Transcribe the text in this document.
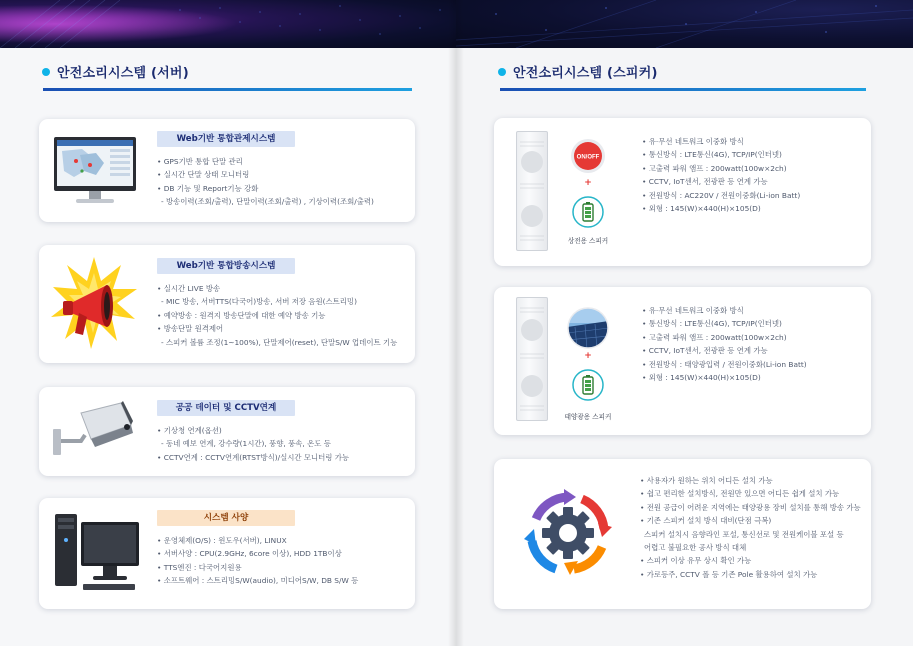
안전소리시스템 (서버)
Web기반 통합관제시스템
• GPS기반 통합 단말 관리
• 실시간 단말 상태 모니터링
• DB 기능 및 Report기능 강화
- 방송이력(조회/출력), 단말이력(조회/출력) , 기상이력(조회/출력)
Web기반 통합방송시스템
• 실시간 LIVE 방송
- MIC 방송, 서버TTS(다국어)방송, 서버 저장 음원(스트리밍)
• 예약방송 : 원격지 방송단말에 대한 예약 방송 기능
• 방송단말 원격제어
- 스피커 볼륨 조정(1~100%), 단말제어(reset), 단말S/W 업데이트 기능
공공 데이터 및 CCTV연계
• 기상청 연계(옵션)
- 동네 예보 연계, 강수량(1시간), 풍향, 풍속, 온도 등
• CCTV연계 : CCTV연계(RTST방식)/실시간 모니터링 가능
시스템 사양
• 운영체제(O/S) : 윈도우(서버), LINUX
• 서버사양 : CPU(2.9GHz, 6core 이상), HDD 1TB이상
• TTS엔진 : 다국어지원용
• 소프트웨어 : 스트리밍S/W(audio), 미디어S/W, DB S/W 등
안전소리시스템 (스피커)
ON/OFF
+
상전용 스피커
• 유·무선 네트워크 이중화 방식
• 통신방식 : LTE통신(4G), TCP/IP(인터넷)
• 고출력 파워 앰프 : 200watt(100w×2ch)
• CCTV, IoT센서, 전광판 등 연계 가능
• 전원방식 : AC220V / 전원이중화(Li-ion Batt)
• 외형 : 145(W)×440(H)×105(D)
+
태양광용 스피커
• 유·무선 네트워크 이중화 방식
• 통신방식 : LTE통신(4G), TCP/IP(인터넷)
• 고출력 파워 앰프 : 200watt(100w×2ch)
• CCTV, IoT센서, 전광판 등 연계 가능
• 전원방식 : 태양광입력 / 전원이중화(Li-ion Batt)
• 외형 : 145(W)×440(H)×105(D)
• 사용자가 원하는 위치 어디든 설치 가능
• 쉽고 편리한 설치방식, 전원만 있으면 어디든 쉽게 설치 가능
• 전원 공급이 어려운 지역에는 태양광용 장비 설치를 통해 방송 가능
• 기존 스피커 설치 방식 대비(단점 극복)
스피커 설치시 음향라인 포설, 통신선로 및 전원케이블 포설 등
어렵고 불필요한 공사 방식 대체
• 스피커 이상 유무 상시 확인 가능
• 가로등주, CCTV 폴 등 기존 Pole 활용하여 설치 가능
